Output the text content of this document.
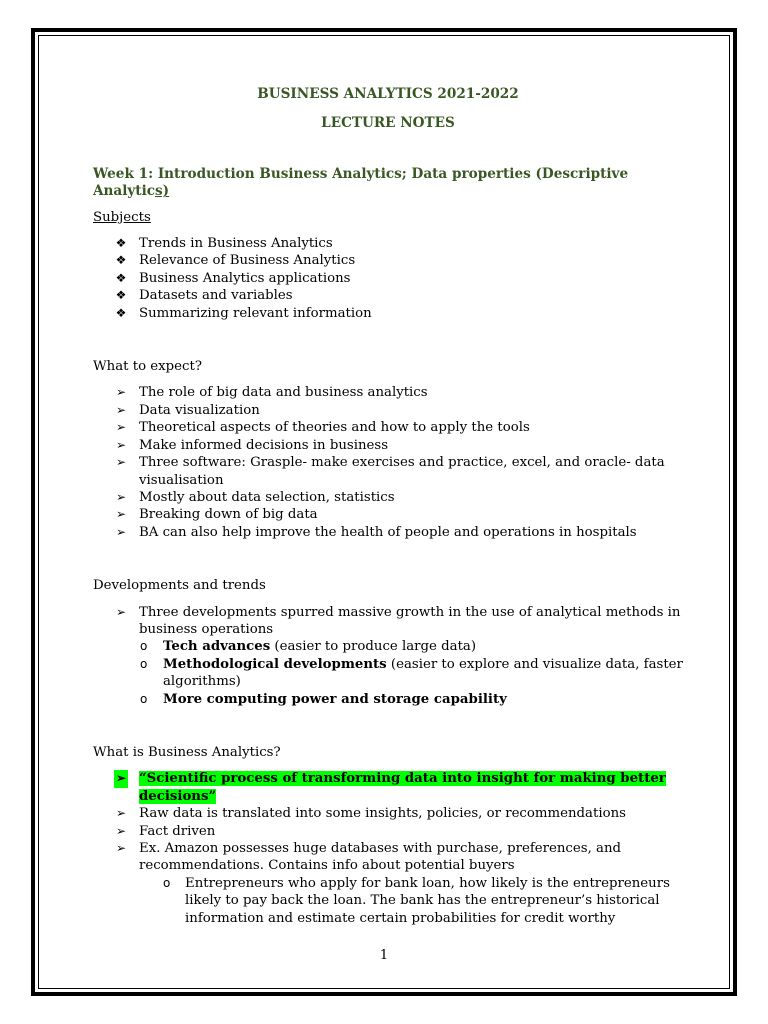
BUSINESS ANALYTICS 2021-2022

LECTURE NOTES

Week 1: Introduction Business Analytics; Data properties (Descriptive Analytics)

Subjects

❖ Trends in Business Analytics
❖ Relevance of Business Analytics
❖ Business Analytics applications
❖ Datasets and variables
❖ Summarizing relevant information

What to expect?

➢ The role of big data and business analytics
➢ Data visualization
➢ Theoretical aspects of theories and how to apply the tools
➢ Make informed decisions in business
➢ Three software: Grasple- make exercises and practice, excel, and oracle- data visualisation
➢ Mostly about data selection, statistics
➢ Breaking down of big data
➢ BA can also help improve the health of people and operations in hospitals

Developments and trends

➢ Three developments spurred massive growth in the use of analytical methods in business operations
o Tech advances (easier to produce large data)
o Methodological developments (easier to explore and visualize data, faster algorithms)
o More computing power and storage capability

What is Business Analytics?

➢ “Scientific process of transforming data into insight for making better decisions”
➢ Raw data is translated into some insights, policies, or recommendations
➢ Fact driven
➢ Ex. Amazon possesses huge databases with purchase, preferences, and recommendations. Contains info about potential buyers
o Entrepreneurs who apply for bank loan, how likely is the entrepreneurs likely to pay back the loan. The bank has the entrepreneur’s historical information and estimate certain probabilities for credit worthy
1
